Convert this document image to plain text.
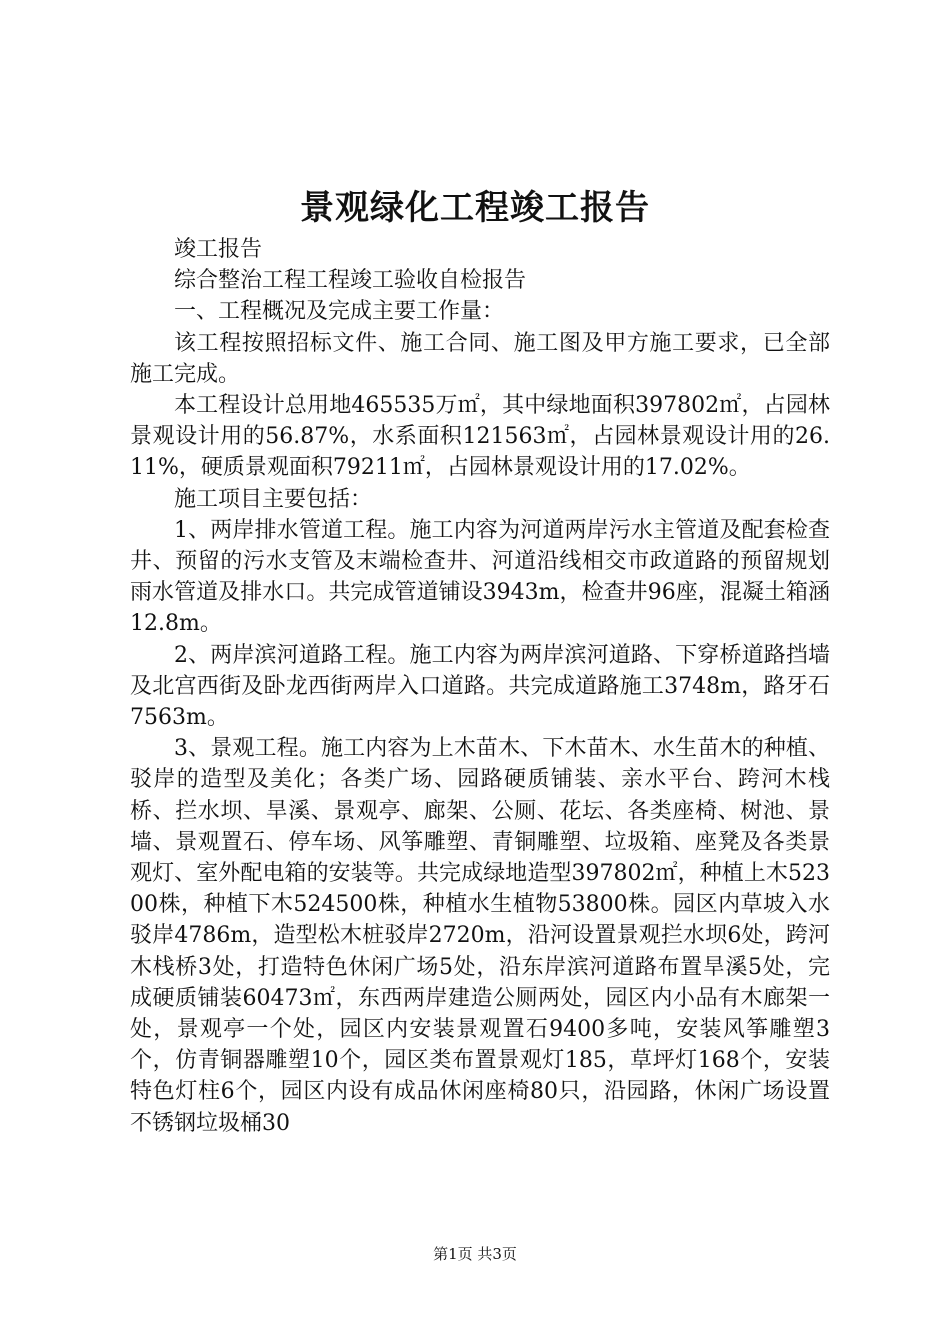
景观绿化工程竣工报告

竣工报告

综合整治工程工程竣工验收自检报告

一、工程概况及完成主要工作量：

该工程按照招标文件、施工合同、施工图及甲方施工要求，已全部施工完成。

本工程设计总用地465535万㎡，其中绿地面积397802㎡，占园林景观设计用的56.87%，水系面积121563㎡，占园林景观设计用的26.11%，硬质景观面积79211㎡，占园林景观设计用的17.02%。

施工项目主要包括：

1、两岸排水管道工程。施工内容为河道两岸污水主管道及配套检查井、预留的污水支管及末端检查井、河道沿线相交市政道路的预留规划雨水管道及排水口。共完成管道铺设3943m，检查井96座，混凝土箱涵12.8m。

2、两岸滨河道路工程。施工内容为两岸滨河道路、下穿桥道路挡墙及北宫西街及卧龙西街两岸入口道路。共完成道路施工3748m，路牙石7563m。

3、景观工程。施工内容为上木苗木、下木苗木、水生苗木的种植、驳岸的造型及美化；各类广场、园路硬质铺装、亲水平台、跨河木栈桥、拦水坝、旱溪、景观亭、廊架、公厕、花坛、各类座椅、树池、景墙、景观置石、停车场、风筝雕塑、青铜雕塑、垃圾箱、座凳及各类景观灯、室外配电箱的安装等。共完成绿地造型397802㎡，种植上木52300株，种植下木524500株，种植水生植物53800株。园区内草坡入水驳岸4786m，造型松木桩驳岸2720m，沿河设置景观拦水坝6处，跨河木栈桥3处，打造特色休闲广场5处，沿东岸滨河道路布置旱溪5处，完成硬质铺装60473㎡，东西两岸建造公厕两处，园区内小品有木廊架一处，景观亭一个处，园区内安装景观置石9400多吨，安装风筝雕塑3个，仿青铜器雕塑10个，园区类布置景观灯185，草坪灯168个，安装特色灯柱6个，园区内设有成品休闲座椅80只，沿园路，休闲广场设置不锈钢垃圾桶30

第1页 共3页
